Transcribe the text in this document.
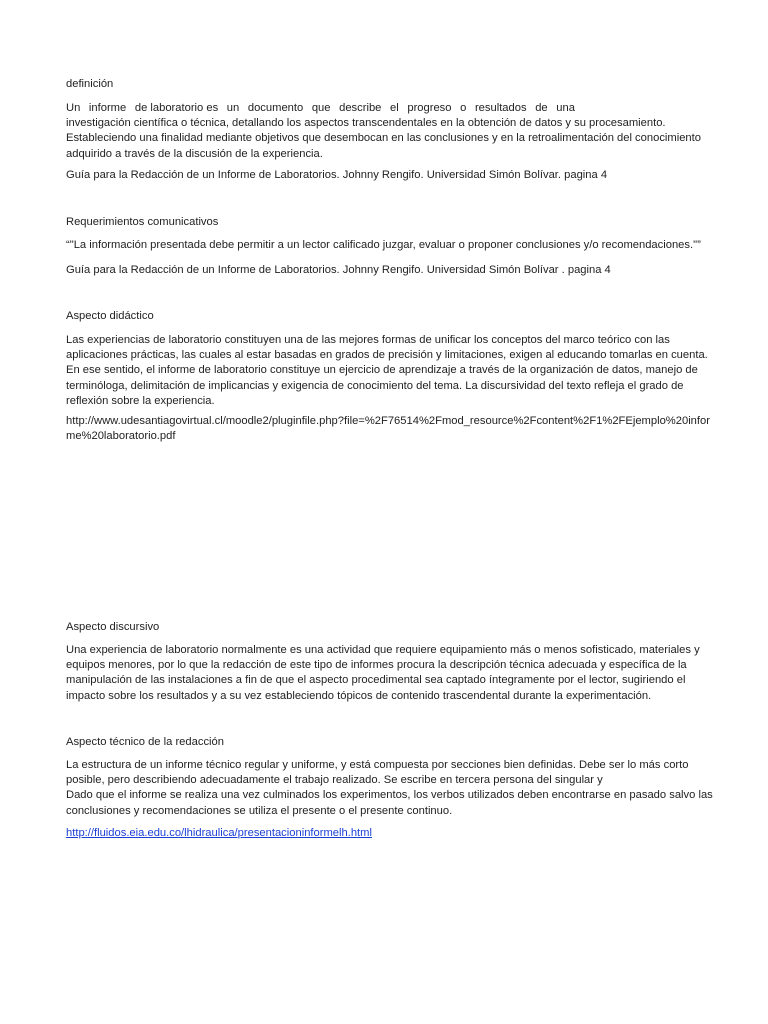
definición
Un informe de laboratorio es un documento que describe el progreso o resultados de una
investigación científica o técnica, detallando los aspectos transcendentales en la obtención de datos y su procesamiento.
Estableciendo una finalidad mediante objetivos que desembocan en las conclusiones y en la retroalimentación del conocimiento
adquirido a través de la discusión de la experiencia.
Guía para la Redacción de un Informe de Laboratorios. Johnny Rengifo. Universidad Simón Bolívar. pagina 4
Requerimientos comunicativos
“"La información presentada debe permitir a un lector calificado juzgar, evaluar o proponer conclusiones y/o recomendaciones."”
Guía para la Redacción de un Informe de Laboratorios. Johnny Rengifo. Universidad Simón Bolívar . pagina 4
Aspecto didáctico
Las experiencias de laboratorio constituyen una de las mejores formas de unificar los conceptos del marco teórico con las
aplicaciones prácticas, las cuales al estar basadas en grados de precisión y limitaciones, exigen al educando tomarlas en cuenta.
En ese sentido, el informe de laboratorio constituye un ejercicio de aprendizaje a través de la organización de datos, manejo de
terminóloga, delimitación de implicancias y exigencia de conocimiento del tema. La discursividad del texto refleja el grado de
reflexión sobre la experiencia.
http://www.udesantiagovirtual.cl/moodle2/pluginfile.php?file=%2F76514%2Fmod_resource%2Fcontent%2F1%2FEjemplo%20infor
me%20laboratorio.pdf
Aspecto discursivo
Una experiencia de laboratorio normalmente es una actividad que requiere equipamiento más o menos sofisticado, materiales y
equipos menores, por lo que la redacción de este tipo de informes procura la descripción técnica adecuada y específica de la
manipulación de las instalaciones a fin de que el aspecto procedimental sea captado íntegramente por el lector, sugiriendo el
impacto sobre los resultados y a su vez estableciendo tópicos de contenido trascendental durante la experimentación.
Aspecto técnico de la redacción
La estructura de un informe técnico regular y uniforme, y está compuesta por secciones bien definidas. Debe ser lo más corto
posible, pero describiendo adecuadamente el trabajo realizado. Se escribe en tercera persona del singular y
Dado que el informe se realiza una vez culminados los experimentos, los verbos utilizados deben encontrarse en pasado salvo las
conclusiones y recomendaciones se utiliza el presente o el presente continuo.
http://fluidos.eia.edu.co/lhidraulica/presentacioninformelh.html
